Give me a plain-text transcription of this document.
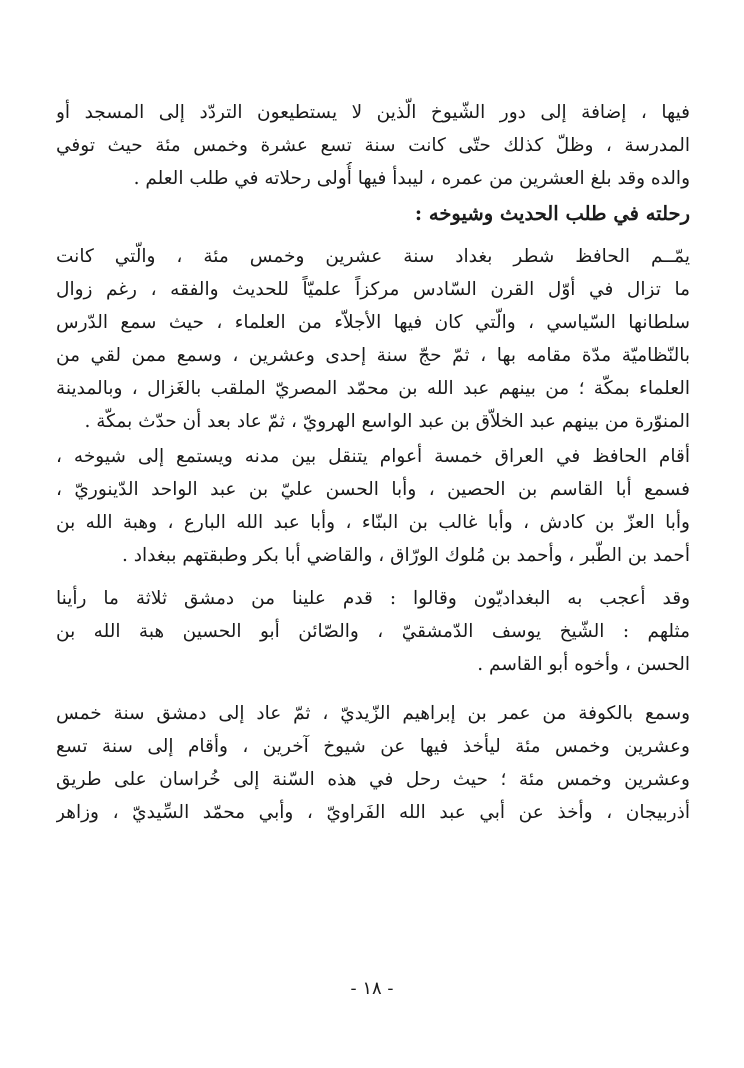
فيها ، إضافة إلى دور الشّيوخ الّذين لا يستطيعون التردّد إلى المسجد أو
المدرسة ، وظلّ كذلك حتّى كانت سنة تسع عشرة وخمس مئة حيث توفي
والده وقد بلغ العشرين من عمره ، ليبدأ فيها أُولى رحلاته في طلب العلم .
رحلته في طلب الحديث وشيوخه :
يمّــم الحافظ شطر بغداد سنة عشرين وخمس مئة ، والّتي كانت
ما تزال في أوّل القرن السّادس مركزاً علميّاً للحديث والفقه ، رغم زوال
سلطانها السّياسي ، والّتي كان فيها الأجلاّء من العلماء ، حيث سمع الدّرس
بالنّظاميّة مدّة مقامه بها ، ثمّ حجّ سنة إحدى وعشرين ، وسمع ممن لقي من
العلماء بمكّة ؛ من بينهم عبد الله بن محمّد المصريّ الملقب بالغَزال ، وبالمدينة
المنوّرة من بينهم عبد الخلاّق بن عبد الواسع الهرويّ ، ثمّ عاد بعد أن حدّث بمكّة .
أقام الحافظ في العراق خمسة أعوام يتنقل بين مدنه ويستمع إلى شيوخه ،
فسمع أبا القاسم بن الحصين ، وأبا الحسن عليّ بن عبد الواحد الدّينوريّ ،
وأبا العزّ بن كادش ، وأبا غالب بن البنّاء ، وأبا عبد الله البارع ، وهبة الله بن
أحمد بن الطّبر ، وأحمد بن مُلوك الورّاق ، والقاضي أبا بكر وطبقتهم ببغداد .
وقد أعجب به البغداديّون وقالوا : قدم علينا من دمشق ثلاثة ما رأينا
مثلهم : الشّيخ يوسف الدّمشقيّ ، والصّائن أبو الحسين هبة الله بن
الحسن ، وأخوه أبو القاسم .
وسمع بالكوفة من عمر بن إبراهيم الزّيديّ ، ثمّ عاد إلى دمشق سنة خمس
وعشرين وخمس مئة ليأخذ فيها عن شيوخ آخرين ، وأقام إلى سنة تسع
وعشرين وخمس مئة ؛ حيث رحل في هذه السّنة إلى خُراسان على طريق
أذربيجان ، وأخذ عن أبي عبد الله الفَراويّ ، وأبي محمّد السِّيديّ ، وزاهر
- ١٨ -
